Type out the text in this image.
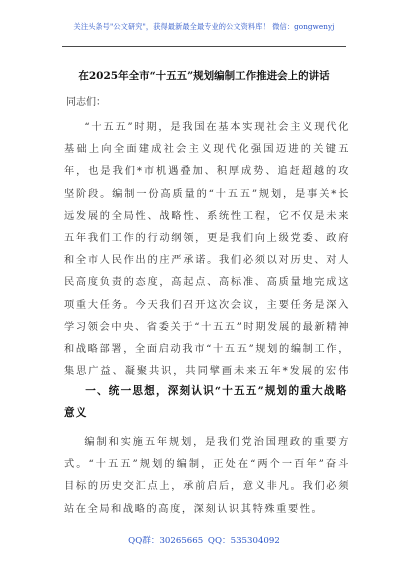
关注头条号"公文研究"，获得最新最全最专业的公文资料库！ 微信：gongwenyj
在2025年全市“十五五”规划编制工作推进会上的讲话
同志们：

“十五五”时期，是我国在基本实现社会主义现代化基础上向全面建成社会主义现代化强国迈进的关键五年，也是我们*市机遇叠加、积厚成势、追赶超越的攻坚阶段。编制一份高质量的“十五五”规划，是事关*长远发展的全局性、战略性、系统性工程，它不仅是未来五年我们工作的行动纲领，更是我们向上级党委、政府和全市人民作出的庄严承诺。我们必须以对历史、对人民高度负责的态度，高起点、高标准、高质量地完成这项重大任务。今天我们召开这次会议，主要任务是深入学习领会中央、省委关于“十五五”时期发展的最新精神和战略部署，全面启动我市“十五五”规划的编制工作，集思广益、凝聚共识，共同擘画未来五年*发展的宏伟

一、统一思想，深刻认识“十五五”规划的重大战略意义

编制和实施五年规划，是我们党治国理政的重要方式。“十五五”规划的编制，正处在“两个一百年”奋斗目标的历史交汇点上，承前启后，意义非凡。我们必须站在全局和战略的高度，深刻认识其特殊重要性。

QQ群：30265665 QQ：535304092
